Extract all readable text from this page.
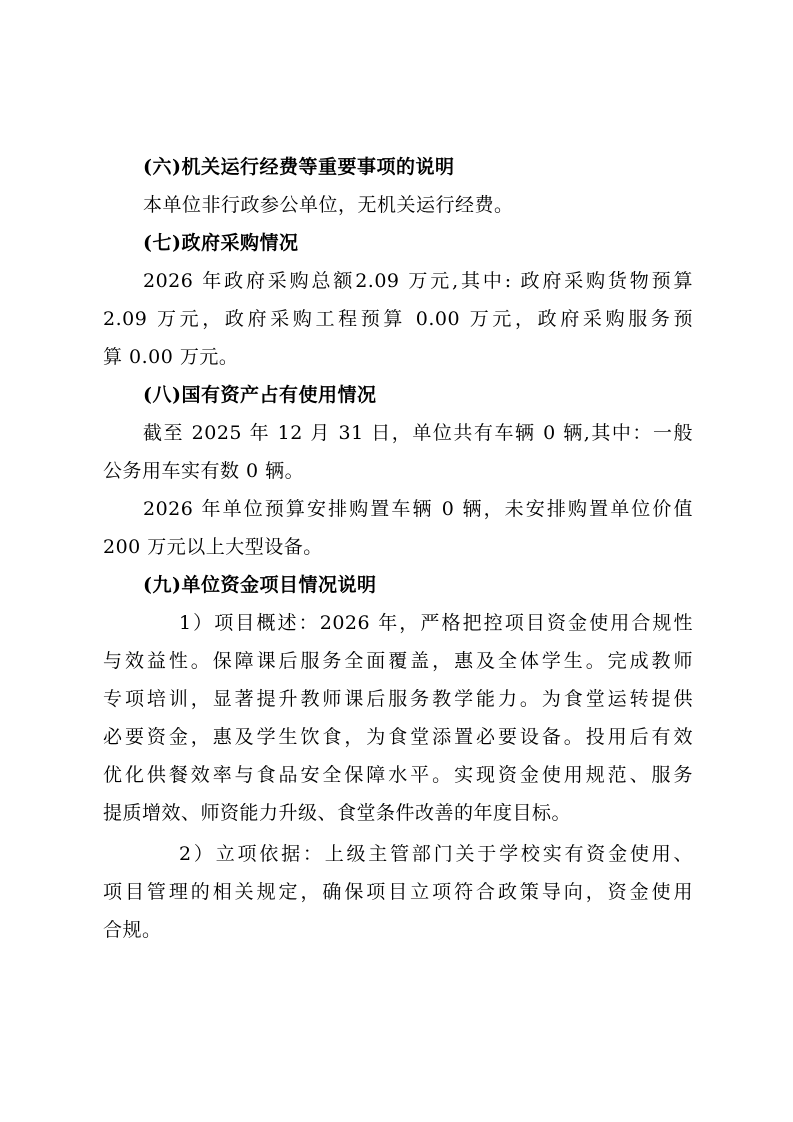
(六)机关运行经费等重要事项的说明
本单位非行政参公单位，无机关运行经费。
(七)政府采购情况
2026 年政府采购总额2.09 万元,其中: 政府采购货物预算
2.09 万元，政府采购工程预算 0.00 万元，政府采购服务预
算 0.00 万元。
(八)国有资产占有使用情况
截至 2025 年 12 月 31 日，单位共有车辆 0 辆,其中：一般
公务用车实有数 0 辆。
2026 年单位预算安排购置车辆 0 辆，未安排购置单位价值
200 万元以上大型设备。
(九)单位资金项目情况说明
1）项目概述：2026 年，严格把控项目资金使用合规性
与效益性。保障课后服务全面覆盖，惠及全体学生。完成教师
专项培训，显著提升教师课后服务教学能力。为食堂运转提供
必要资金，惠及学生饮食，为食堂添置必要设备。投用后有效
优化供餐效率与食品安全保障水平。实现资金使用规范、服务
提质增效、师资能力升级、食堂条件改善的年度目标。
2）立项依据：上级主管部门关于学校实有资金使用、
项目管理的相关规定，确保项目立项符合政策导向，资金使用
合规。
